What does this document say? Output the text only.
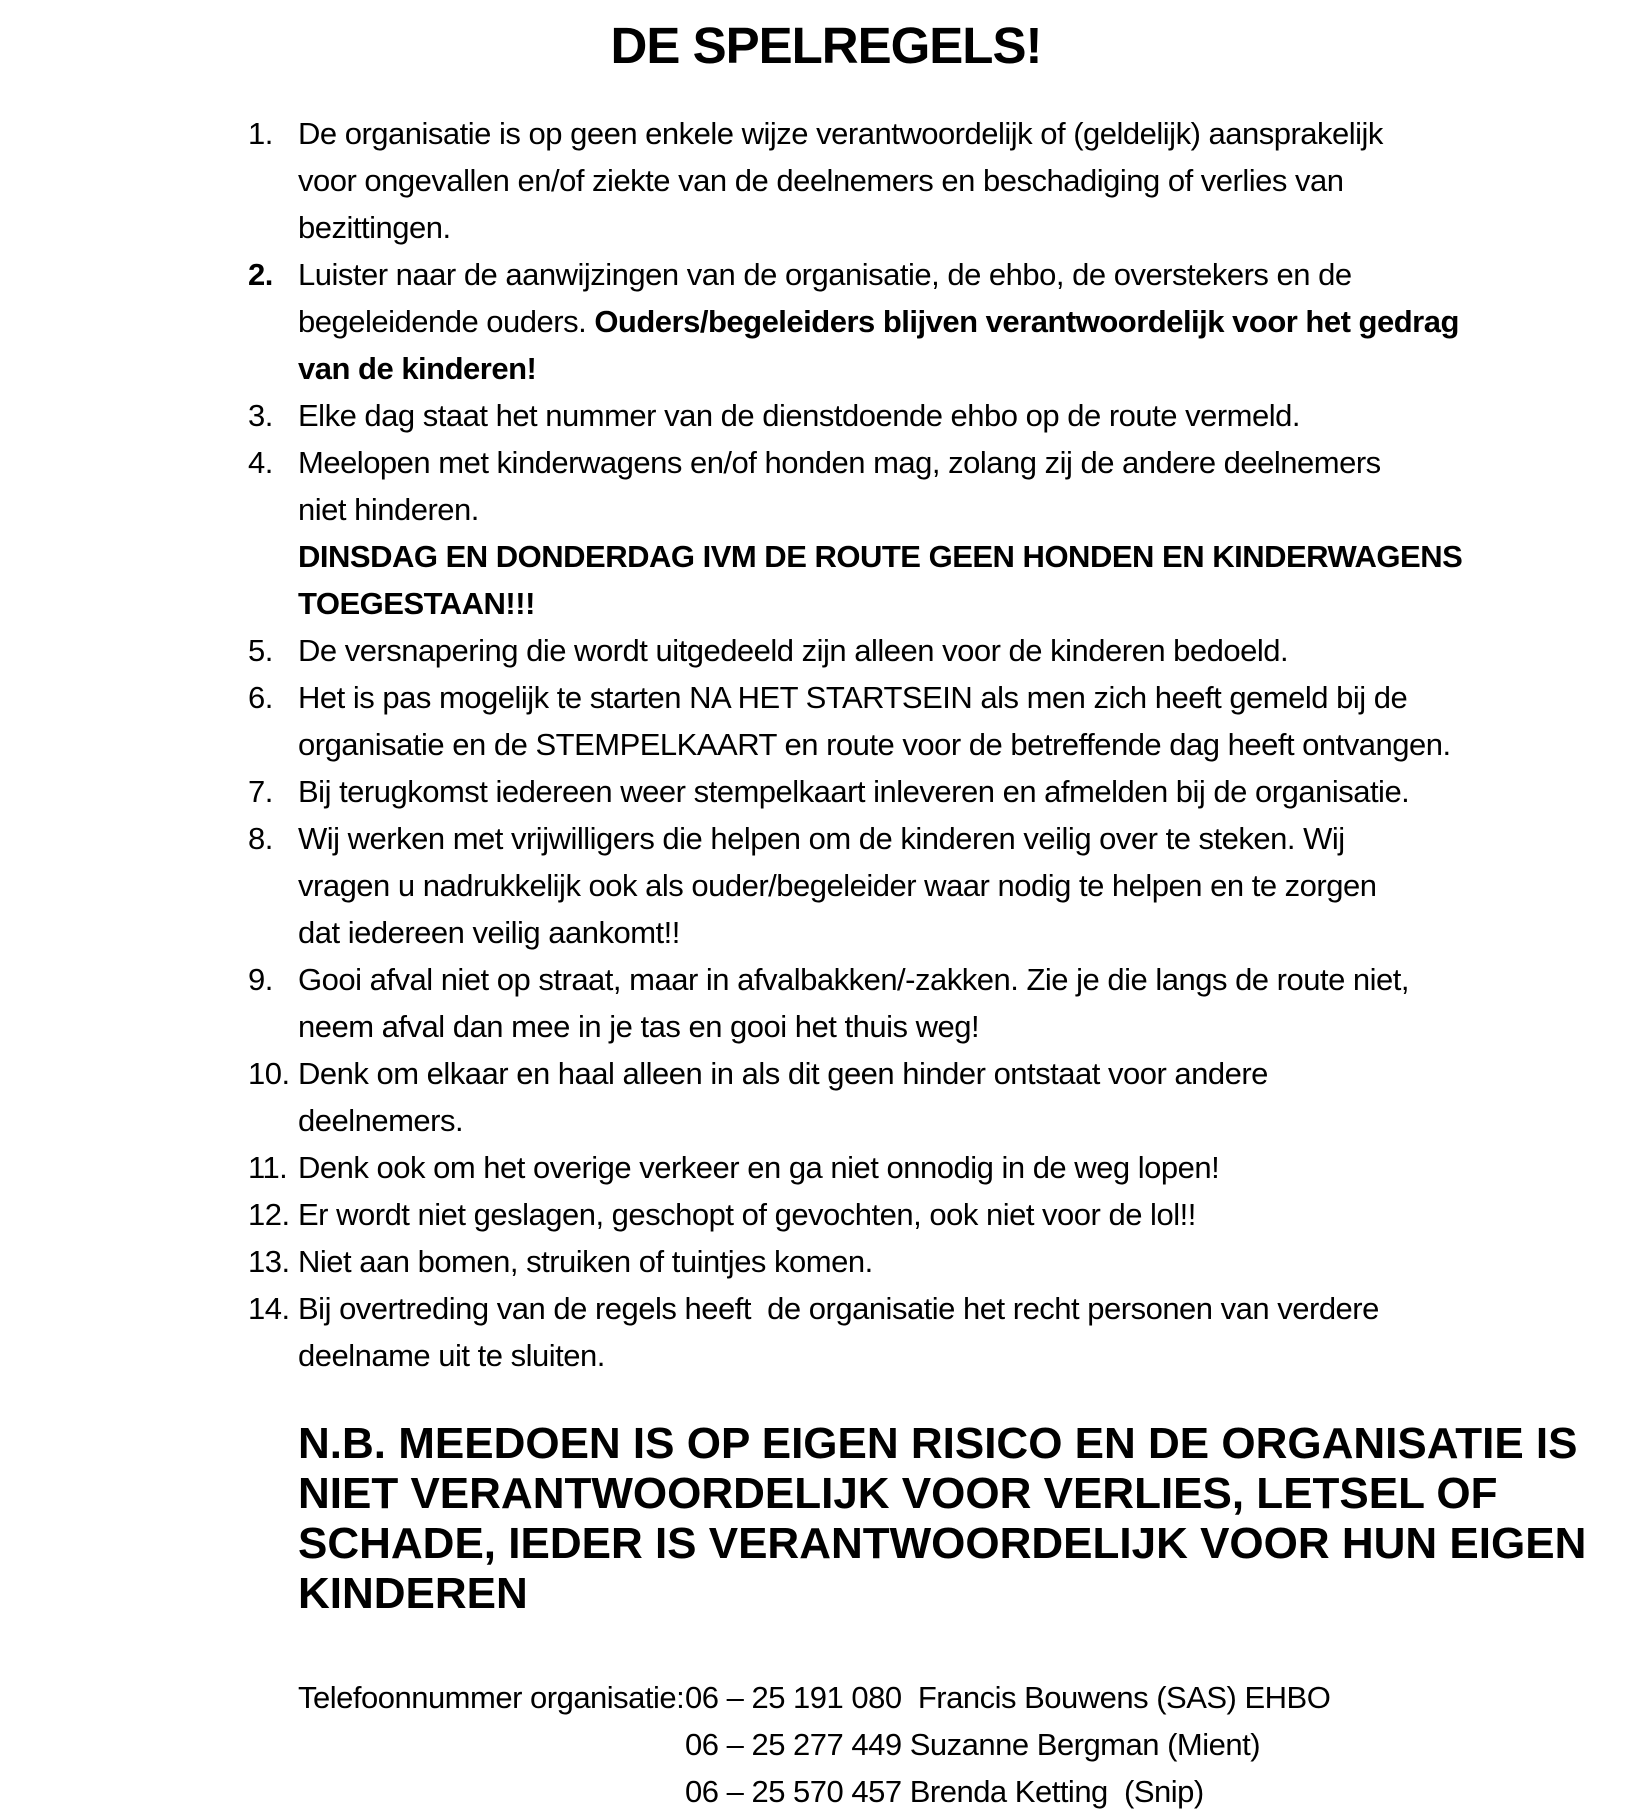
DE SPELREGELS!
1. De organisatie is op geen enkele wijze verantwoordelijk of (geldelijk) aansprakelijk
voor ongevallen en/of ziekte van de deelnemers en beschadiging of verlies van
bezittingen.
2. Luister naar de aanwijzingen van de organisatie, de ehbo, de overstekers en de
begeleidende ouders. Ouders/begeleiders blijven verantwoordelijk voor het gedrag
van de kinderen!
3. Elke dag staat het nummer van de dienstdoende ehbo op de route vermeld.
4. Meelopen met kinderwagens en/of honden mag, zolang zij de andere deelnemers
niet hinderen.
DINSDAG EN DONDERDAG IVM DE ROUTE GEEN HONDEN EN KINDERWAGENS
TOEGESTAAN!!!
5. De versnapering die wordt uitgedeeld zijn alleen voor de kinderen bedoeld.
6. Het is pas mogelijk te starten NA HET STARTSEIN als men zich heeft gemeld bij de
organisatie en de STEMPELKAART en route voor de betreffende dag heeft ontvangen.
7. Bij terugkomst iedereen weer stempelkaart inleveren en afmelden bij de organisatie.
8. Wij werken met vrijwilligers die helpen om de kinderen veilig over te steken. Wij
vragen u nadrukkelijk ook als ouder/begeleider waar nodig te helpen en te zorgen
dat iedereen veilig aankomt!!
9. Gooi afval niet op straat, maar in afvalbakken/-zakken. Zie je die langs de route niet,
neem afval dan mee in je tas en gooi het thuis weg!
10. Denk om elkaar en haal alleen in als dit geen hinder ontstaat voor andere
deelnemers.
11. Denk ook om het overige verkeer en ga niet onnodig in de weg lopen!
12. Er wordt niet geslagen, geschopt of gevochten, ook niet voor de lol!!
13. Niet aan bomen, struiken of tuintjes komen.
14. Bij overtreding van de regels heeft  de organisatie het recht personen van verdere
deelname uit te sluiten.
N.B. MEEDOEN IS OP EIGEN RISICO EN DE ORGANISATIE IS
NIET VERANTWOORDELIJK VOOR VERLIES, LETSEL OF
SCHADE, IEDER IS VERANTWOORDELIJK VOOR HUN EIGEN
KINDEREN
Telefoonnummer organisatie: 06 – 25 191 080  Francis Bouwens (SAS) EHBO
06 – 25 277 449 Suzanne Bergman (Mient)
06 – 25 570 457 Brenda Ketting  (Snip)
